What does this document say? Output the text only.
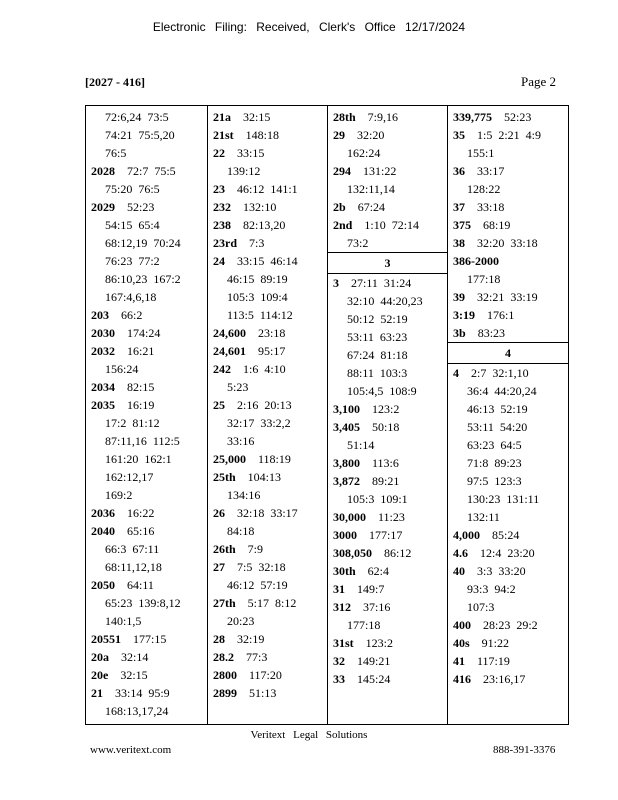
Electronic Filing: Received, Clerk's Office 12/17/2024
[2027 - 416]	Page 2
72:6,24  73:5
74:21  75:5,20
76:5
2028 72:7  75:5
75:20  76:5
2029 52:23
54:15  65:4
68:12,19  70:24
76:23  77:2
86:10,23  167:2
167:4,6,18
203 66:2
2030 174:24
2032 16:21
156:24
2034 82:15
2035 16:19
17:2  81:12
87:11,16  112:5
161:20  162:1
162:12,17
169:2
2036 16:22
2040 65:16
66:3  67:11
68:11,12,18
2050 64:11
65:23  139:8,12
140:1,5
20551 177:15
20a 32:14
20e 32:15
21 33:14  95:9
168:13,17,24
21a 32:15
21st 148:18
22 33:15
139:12
23 46:12  141:1
232 132:10
238 82:13,20
23rd 7:3
24 33:15  46:14
46:15  89:19
105:3  109:4
113:5  114:12
24,600 23:18
24,601 95:17
242 1:6  4:10
5:23
25 2:16  20:13
32:17  33:2,2
33:16
25,000 118:19
25th 104:13
134:16
26 32:18  33:17
84:18
26th 7:9
27 7:5  32:18
46:12  57:19
27th 5:17  8:12
20:23
28 32:19
28.2 77:3
2800 117:20
2899 51:13
28th 7:9,16
29 32:20
162:24
294 131:22
132:11,14
2b 67:24
2nd 1:10  72:14
73:2
3
3 27:11  31:24
32:10  44:20,23
50:12  52:19
53:11  63:23
67:24  81:18
88:11  103:3
105:4,5  108:9
3,100 123:2
3,405 50:18
51:14
3,800 113:6
3,872 89:21
105:3  109:1
30,000 11:23
3000 177:17
308,050 86:12
30th 62:4
31 149:7
312 37:16
177:18
31st 123:2
32 149:21
33 145:24
339,775 52:23
35 1:5  2:21  4:9
155:1
36 33:17
128:22
37 33:18
375 68:19
38 32:20  33:18
386-2000
177:18
39 32:21  33:19
3:19 176:1
3b 83:23
4
4 2:7  32:1,10
36:4  44:20,24
46:13  52:19
53:11  54:20
63:23  64:5
71:8  89:23
97:5  123:3
130:23  131:11
132:11
4,000 85:24
4.6 12:4  23:20
40 3:3  33:20
93:3  94:2
107:3
400 28:23  29:2
40s 91:22
41 117:19
416 23:16,17
Veritext Legal Solutions
www.veritext.com	888-391-3376
